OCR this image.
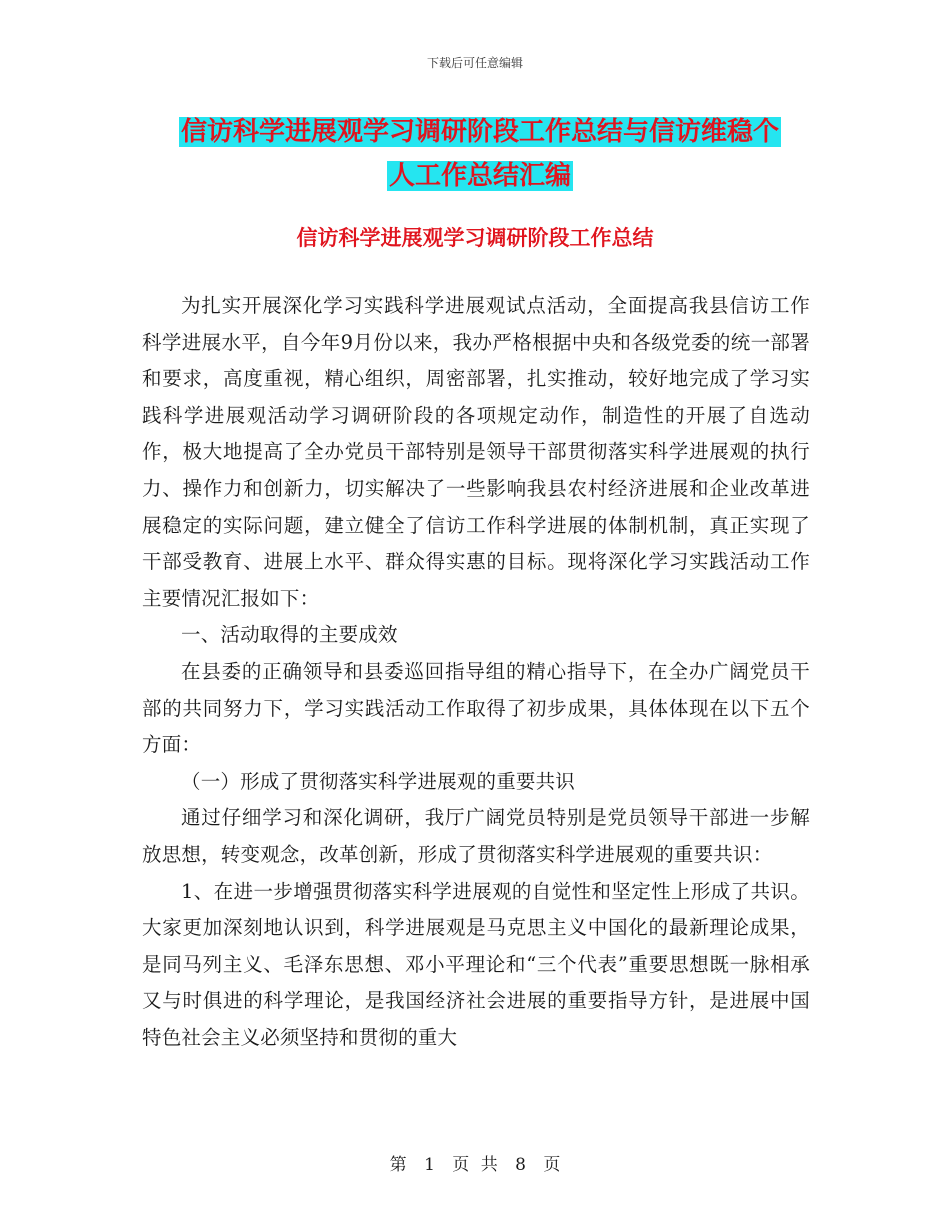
下载后可任意编辑
信访科学进展观学习调研阶段工作总结与信访维稳个
人工作总结汇编
信访科学进展观学习调研阶段工作总结

为扎实开展深化学习实践科学进展观试点活动，全面提高我县信访工作科学进展水平，自今年9月份以来，我办严格根据中央和各级党委的统一部署和要求，高度重视，精心组织，周密部署，扎实推动，较好地完成了学习实践科学进展观活动学习调研阶段的各项规定动作，制造性的开展了自选动作，极大地提高了全办党员干部特别是领导干部贯彻落实科学进展观的执行力、操作力和创新力，切实解决了一些影响我县农村经济进展和企业改革进展稳定的实际问题，建立健全了信访工作科学进展的体制机制，真正实现了干部受教育、进展上水平、群众得实惠的目标。现将深化学习实践活动工作主要情况汇报如下：

一、活动取得的主要成效

在县委的正确领导和县委巡回指导组的精心指导下，在全办广阔党员干部的共同努力下，学习实践活动工作取得了初步成果，具体体现在以下五个方面：

（一）形成了贯彻落实科学进展观的重要共识

通过仔细学习和深化调研，我厅广阔党员特别是党员领导干部进一步解放思想，转变观念，改革创新，形成了贯彻落实科学进展观的重要共识：

1、在进一步增强贯彻落实科学进展观的自觉性和坚定性上形成了共识。大家更加深刻地认识到，科学进展观是马克思主义中国化的最新理论成果，是同马列主义、毛泽东思想、邓小平理论和“三个代表”重要思想既一脉相承又与时俱进的科学理论，是我国经济社会进展的重要指导方针，是进展中国特色社会主义必须坚持和贯彻的重大

第 1 页 共 8 页
